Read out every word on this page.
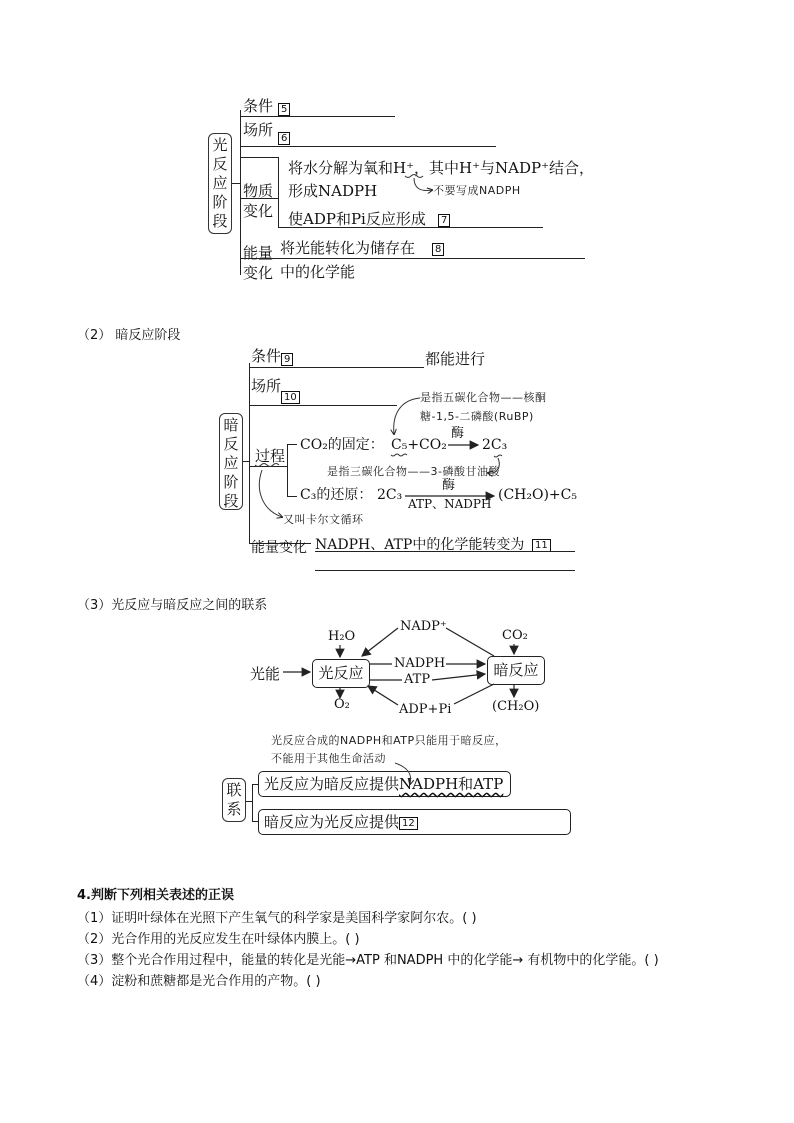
光反应阶段
条件 5
场所 6
物质
变化
将水分解为氧和H⁺，其中H⁺与NADP⁺结合，
形成NADPH	不要写成NADPH
使ADP和Pi反应形成	7
能量
变化
将光能转化为储存在	8
中的化学能
（2） 暗反应阶段
暗反应阶段
条件 9	都能进行
场所
10
过程
是指五碳化合物——核酮
糖-1,5-二磷酸(RuBP)
CO₂的固定： C₅+CO₂
酶
2C₃
是指三碳化合物——3-磷酸甘油酸
C₃的还原： 2C₃
酶
ATP、NADPH
(CH₂O)+C₅
又叫卡尔文循环
能量变化 NADPH、ATP中的化学能转变为	11
（3）光反应与暗反应之间的联系
光能	光反应	暗反应
H₂O
O₂
NADP⁺
NADPH
ATP
ADP+Pi
CO₂
(CH₂O)
光反应合成的NADPH和ATP只能用于暗反应，
不能用于其他生命活动
联系
光反应为暗反应提供NADPH和ATP
暗反应为光反应提供 12
4.判断下列相关表述的正误
（1）证明叶绿体在光照下产生氧气的科学家是美国科学家阿尔农。( )
（2）光合作用的光反应发生在叶绿体内膜上。( )
（3）整个光合作用过程中，能量的转化是光能→ATP 和NADPH 中的化学能→ 有机物中的化学能。( )
（4）淀粉和蔗糖都是光合作用的产物。( )
